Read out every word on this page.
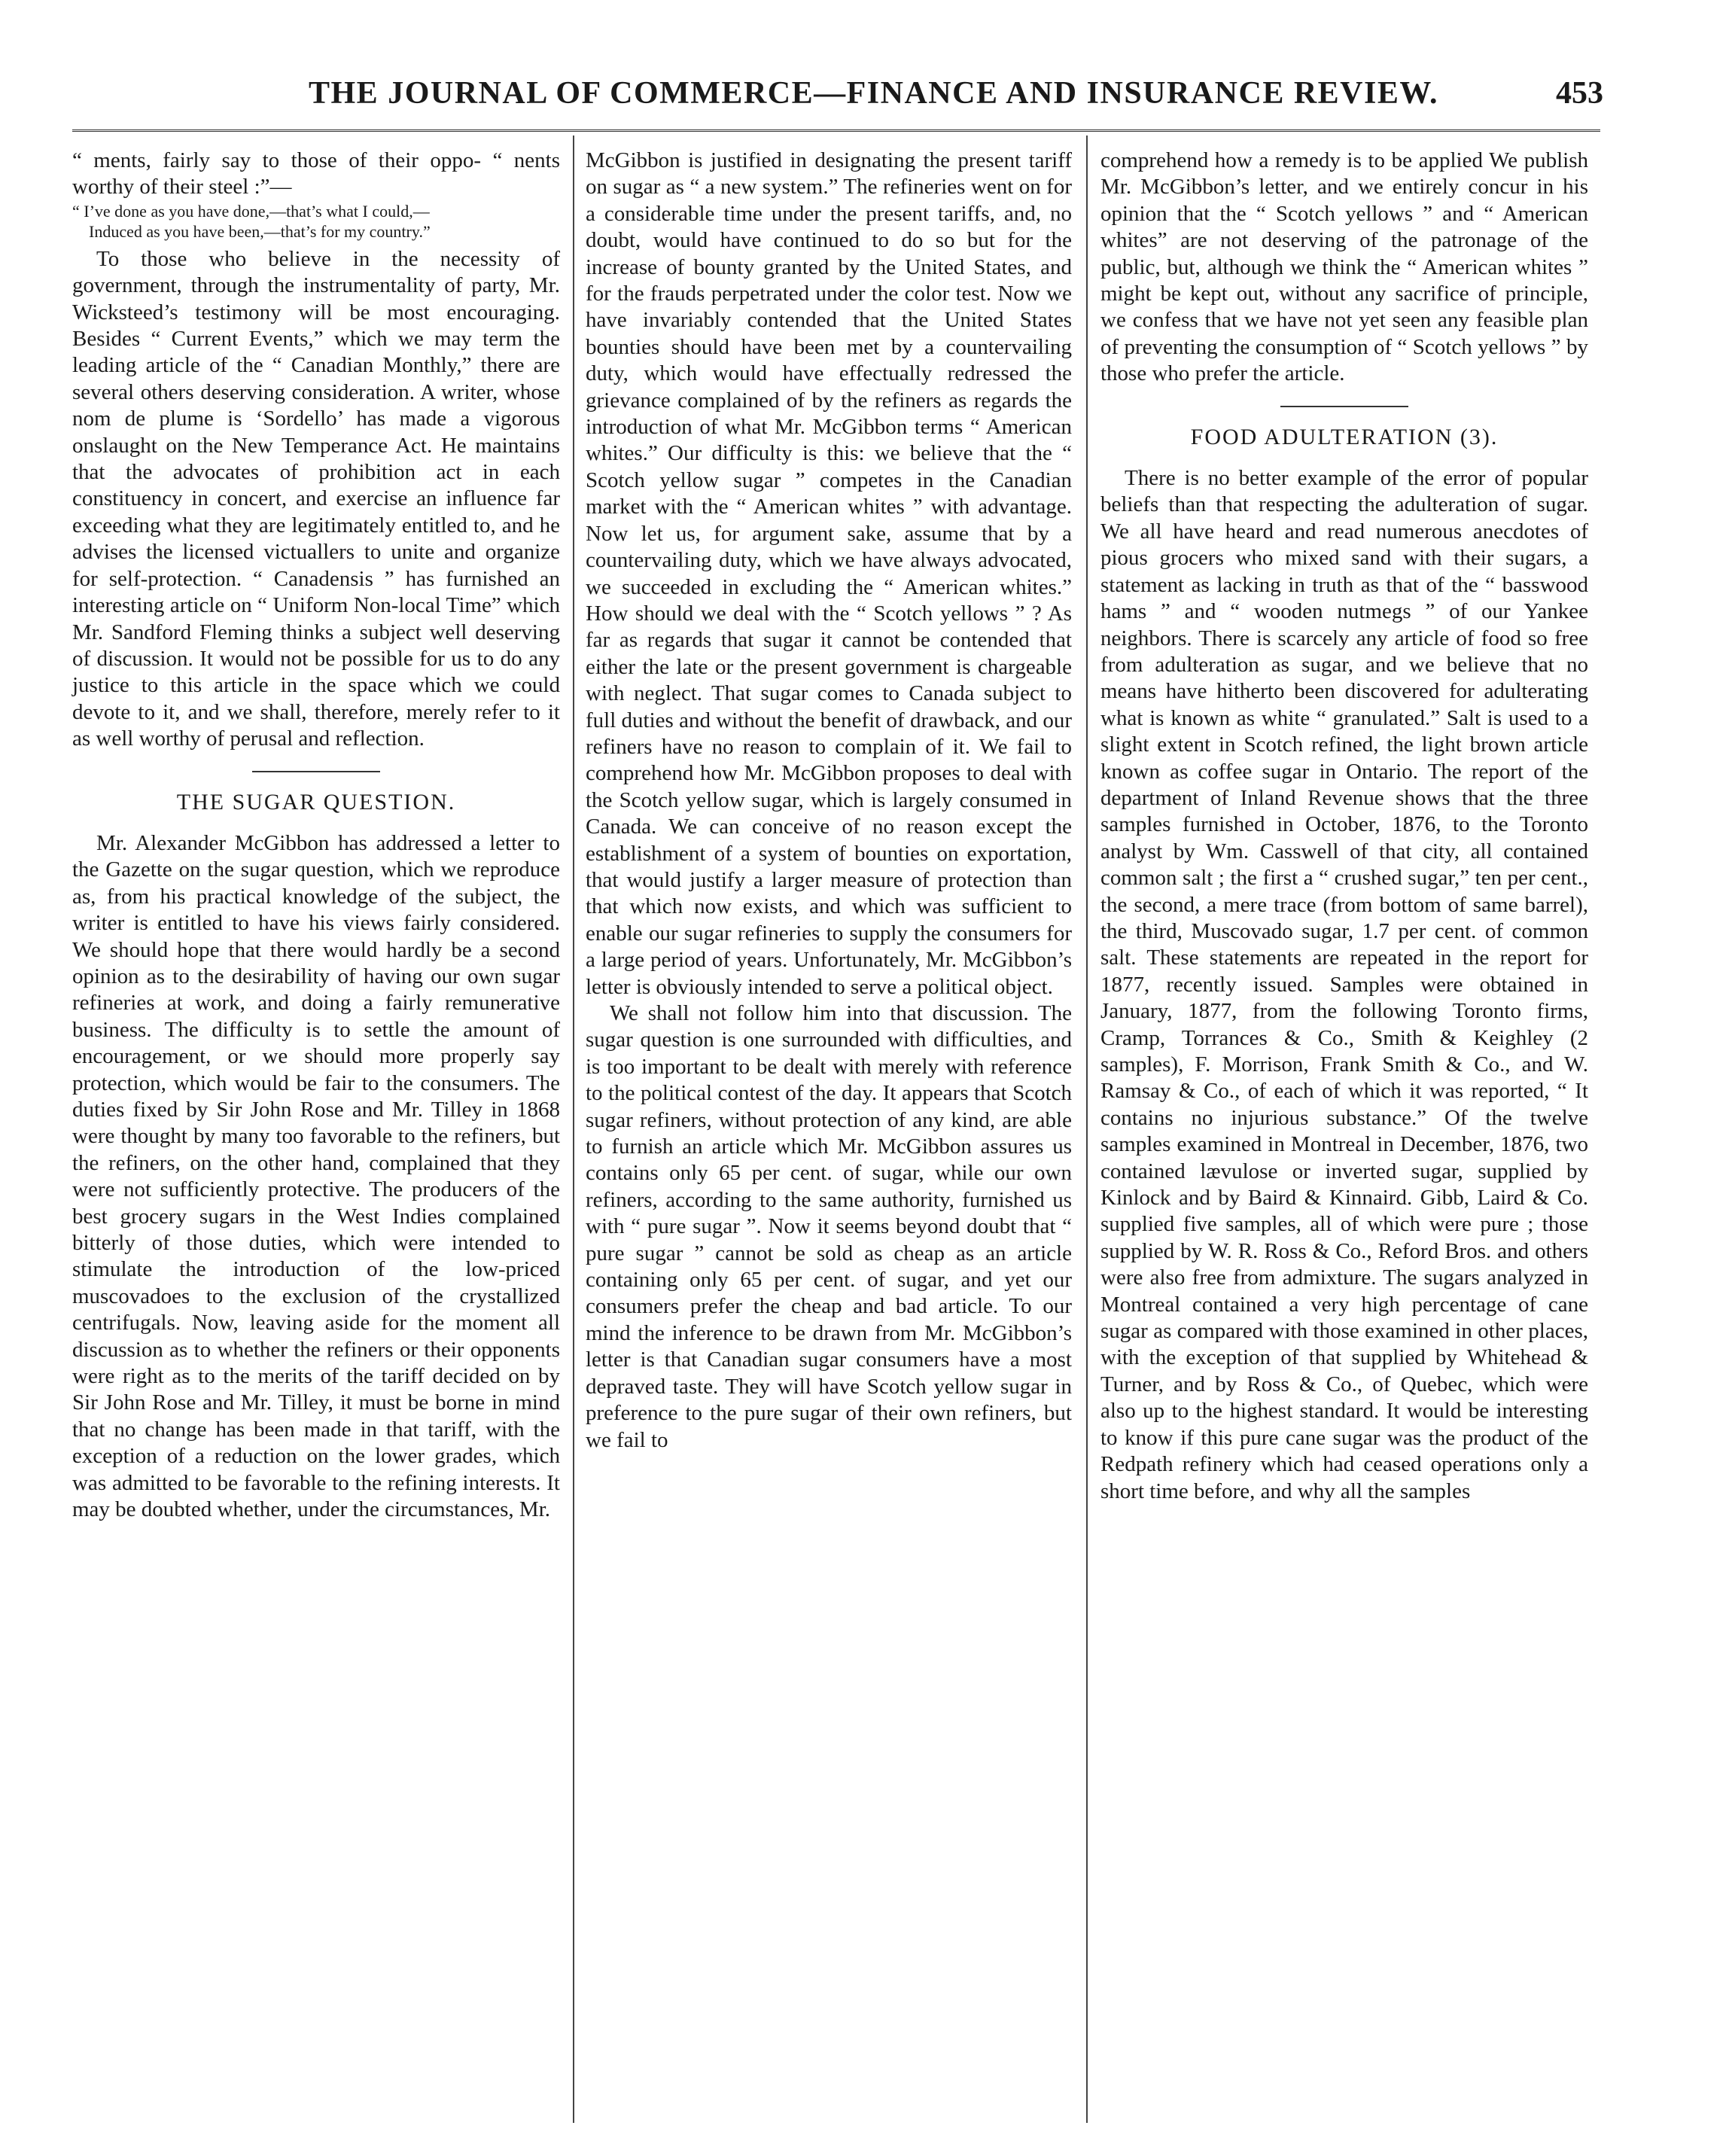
THE JOURNAL OF COMMERCE—FINANCE AND INSURANCE REVIEW.	453

“ ments, fairly say to those of their oppo- “ nents worthy of their steel :”—

“ I’ve done as you have done,—that’s what I could,—

Induced as you have been,—that’s for my country.”

To those who believe in the necessity of government, through the instrumentality of party, Mr. Wicksteed’s testimony will be most encouraging. Besides “ Current Events,” which we may term the leading article of the “ Canadian Monthly,” there are several others deserving consideration. A writer, whose nom de plume is ‘Sordello’ has made a vigorous onslaught on the New Temperance Act. He maintains that the advocates of prohibition act in each constituency in concert, and exercise an influence far exceeding what they are legitimately entitled to, and he advises the licensed victuallers to unite and organize for self-protection. “ Canadensis ” has furnished an interesting article on “ Uniform Non-local Time” which Mr. Sandford Fleming thinks a subject well deserving of discussion. It would not be possible for us to do any justice to this article in the space which we could devote to it, and we shall, therefore, merely refer to it as well worthy of perusal and reflection.

THE SUGAR QUESTION.

Mr. Alexander McGibbon has addressed a letter to the Gazette on the sugar question, which we reproduce as, from his practical knowledge of the subject, the writer is entitled to have his views fairly considered. We should hope that there would hardly be a second opinion as to the desirability of having our own sugar refineries at work, and doing a fairly remunerative business. The difficulty is to settle the amount of encouragement, or we should more properly say protection, which would be fair to the consumers. The duties fixed by Sir John Rose and Mr. Tilley in 1868 were thought by many too favorable to the refiners, but the refiners, on the other hand, complained that they were not sufficiently protective. The producers of the best grocery sugars in the West Indies complained bitterly of those duties, which were intended to stimulate the introduction of the low-priced muscovadoes to the exclusion of the crystallized centrifugals. Now, leaving aside for the moment all discussion as to whether the refiners or their opponents were right as to the merits of the tariff decided on by Sir John Rose and Mr. Tilley, it must be borne in mind that no change has been made in that tariff, with the exception of a reduction on the lower grades, which was admitted to be favorable to the refining interests. It may be doubted whether, under the circumstances, Mr.

McGibbon is justified in designating the present tariff on sugar as “ a new system.” The refineries went on for a considerable time under the present tariffs, and, no doubt, would have continued to do so but for the increase of bounty granted by the United States, and for the frauds perpetrated under the color test. Now we have invariably contended that the United States bounties should have been met by a countervailing duty, which would have effectually redressed the grievance complained of by the refiners as regards the introduction of what Mr. McGibbon terms “ American whites.” Our difficulty is this: we believe that the “ Scotch yellow sugar ” competes in the Canadian market with the “ American whites ” with advantage. Now let us, for argument sake, assume that by a countervailing duty, which we have always advocated, we succeeded in excluding the “ American whites.” How should we deal with the “ Scotch yellows ” ? As far as regards that sugar it cannot be contended that either the late or the present government is chargeable with neglect. That sugar comes to Canada subject to full duties and without the benefit of drawback, and our refiners have no reason to complain of it. We fail to comprehend how Mr. McGibbon proposes to deal with the Scotch yellow sugar, which is largely consumed in Canada. We can conceive of no reason except the establishment of a system of bounties on exportation, that would justify a larger measure of protection than that which now exists, and which was sufficient to enable our sugar refineries to supply the consumers for a large period of years. Unfortunately, Mr. McGibbon’s letter is obviously intended to serve a political object.

We shall not follow him into that discussion. The sugar question is one surrounded with difficulties, and is too important to be dealt with merely with reference to the political contest of the day. It appears that Scotch sugar refiners, without protection of any kind, are able to furnish an article which Mr. McGibbon assures us contains only 65 per cent. of sugar, while our own refiners, according to the same authority, furnished us with “ pure sugar ”. Now it seems beyond doubt that “ pure sugar ” cannot be sold as cheap as an article containing only 65 per cent. of sugar, and yet our consumers prefer the cheap and bad article. To our mind the inference to be drawn from Mr. McGibbon’s letter is that Canadian sugar consumers have a most depraved taste. They will have Scotch yellow sugar in preference to the pure sugar of their own refiners, but we fail to

comprehend how a remedy is to be applied We publish Mr. McGibbon’s letter, and we entirely concur in his opinion that the “ Scotch yellows ” and “ American whites” are not deserving of the patronage of the public, but, although we think the “ American whites ” might be kept out, without any sacrifice of principle, we confess that we have not yet seen any feasible plan of preventing the consumption of “ Scotch yellows ” by those who prefer the article.

FOOD ADULTERATION (3).

There is no better example of the error of popular beliefs than that respecting the adulteration of sugar. We all have heard and read numerous anecdotes of pious grocers who mixed sand with their sugars, a statement as lacking in truth as that of the “ basswood hams ” and “ wooden nutmegs ” of our Yankee neighbors. There is scarcely any article of food so free from adulteration as sugar, and we believe that no means have hitherto been discovered for adulterating what is known as white “ granulated.” Salt is used to a slight extent in Scotch refined, the light brown article known as coffee sugar in Ontario. The report of the department of Inland Revenue shows that the three samples furnished in October, 1876, to the Toronto analyst by Wm. Casswell of that city, all contained common salt ; the first a “ crushed sugar,” ten per cent., the second, a mere trace (from bottom of same barrel), the third, Muscovado sugar, 1.7 per cent. of common salt. These statements are repeated in the report for 1877, recently issued. Samples were obtained in January, 1877, from the following Toronto firms, Cramp, Torrances & Co., Smith & Keighley (2 samples), F. Morrison, Frank Smith & Co., and W. Ramsay & Co., of each of which it was reported, “ It contains no injurious substance.” Of the twelve samples examined in Montreal in December, 1876, two contained lævulose or inverted sugar, supplied by Kinlock and by Baird & Kinnaird. Gibb, Laird & Co. supplied five samples, all of which were pure ; those supplied by W. R. Ross & Co., Reford Bros. and others were also free from admixture. The sugars analyzed in Montreal contained a very high percentage of cane sugar as compared with those examined in other places, with the exception of that supplied by Whitehead & Turner, and by Ross & Co., of Quebec, which were also up to the highest standard. It would be interesting to know if this pure cane sugar was the product of the Redpath refinery which had ceased operations only a short time before, and why all the samples
